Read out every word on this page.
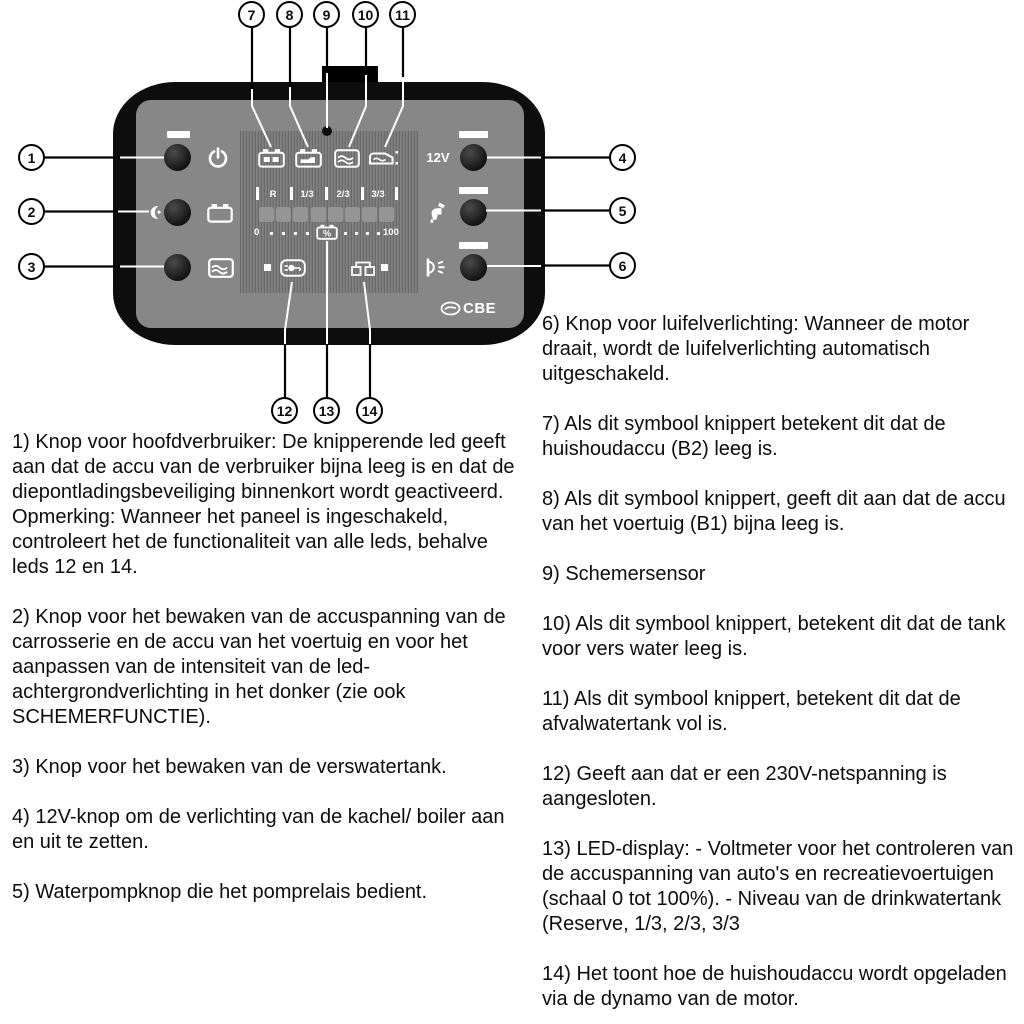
12V
CBE
R	1/3	2/3	3/3
0	%	100
1
2
3
4
5
6
7	8	9	10	11
12	13	14

1) Knop voor hoofdverbruiker: De knipperende led geeft aan dat de accu van de verbruiker bijna leeg is en dat de diepontladingsbeveiliging binnenkort wordt geactiveerd. Opmerking: Wanneer het paneel is ingeschakeld, controleert het de functionaliteit van alle leds, behalve leds 12 en 14.

2) Knop voor het bewaken van de accuspanning van de carrosserie en de accu van het voertuig en voor het aanpassen van de intensiteit van de led-achtergrondverlichting in het donker (zie ook SCHEMERFUNCTIE).

3) Knop voor het bewaken van de verswatertank.

4) 12V-knop om de verlichting van de kachel/ boiler aan en uit te zetten.

5) Waterpompknop die het pomprelais bedient.

6) Knop voor luifelverlichting: Wanneer de motor draait, wordt de luifelverlichting automatisch uitgeschakeld.

7) Als dit symbool knippert betekent dit dat de huishoudaccu (B2) leeg is.

8) Als dit symbool knippert, geeft dit aan dat de accu van het voertuig (B1) bijna leeg is.

9) Schemersensor

10) Als dit symbool knippert, betekent dit dat de tank voor vers water leeg is.

11) Als dit symbool knippert, betekent dit dat de afvalwatertank vol is.

12) Geeft aan dat er een 230V-netspanning is aangesloten.

13) LED-display: - Voltmeter voor het controleren van de accuspanning van auto's en recreatievoertuigen (schaal 0 tot 100%). - Niveau van de drinkwatertank (Reserve, 1/3, 2/3, 3/3

14) Het toont hoe de huishoudaccu wordt opgeladen via de dynamo van de motor.
